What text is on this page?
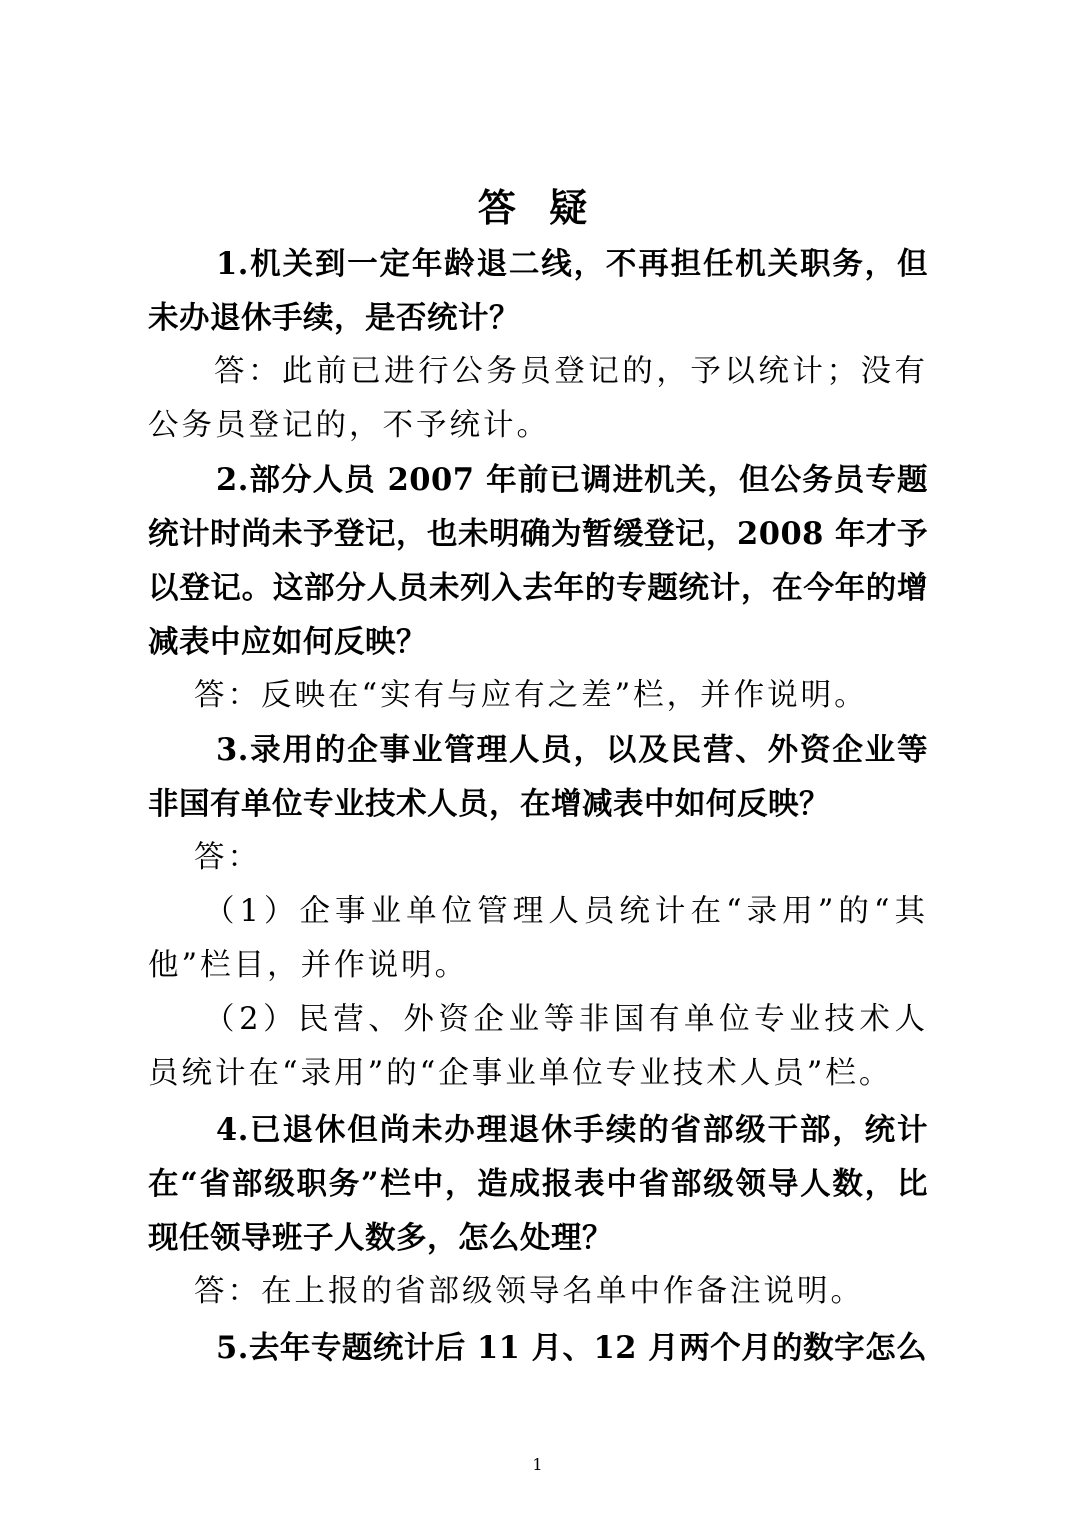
答 疑
1.机关到一定年龄退二线，不再担任机关职务，但未办退休手续，是否统计？
答：此前已进行公务员登记的，予以统计；没有公务员登记的，不予统计。
2.部分人员 2007 年前已调进机关，但公务员专题统计时尚未予登记，也未明确为暂缓登记，2008 年才予以登记。这部分人员未列入去年的专题统计，在今年的增减表中应如何反映？
答：反映在“实有与应有之差”栏，并作说明。
3.录用的企事业管理人员，以及民营、外资企业等非国有单位专业技术人员，在增减表中如何反映？
答：
（1）企事业单位管理人员统计在“录用”的“其他”栏目，并作说明。
（2）民营、外资企业等非国有单位专业技术人员统计在“录用”的“企事业单位专业技术人员”栏。
4.已退休但尚未办理退休手续的省部级干部，统计在“省部级职务”栏中，造成报表中省部级领导人数，比现任领导班子人数多，怎么处理？
答：在上报的省部级领导名单中作备注说明。
5.去年专题统计后 11 月、12 月两个月的数字怎么
1
